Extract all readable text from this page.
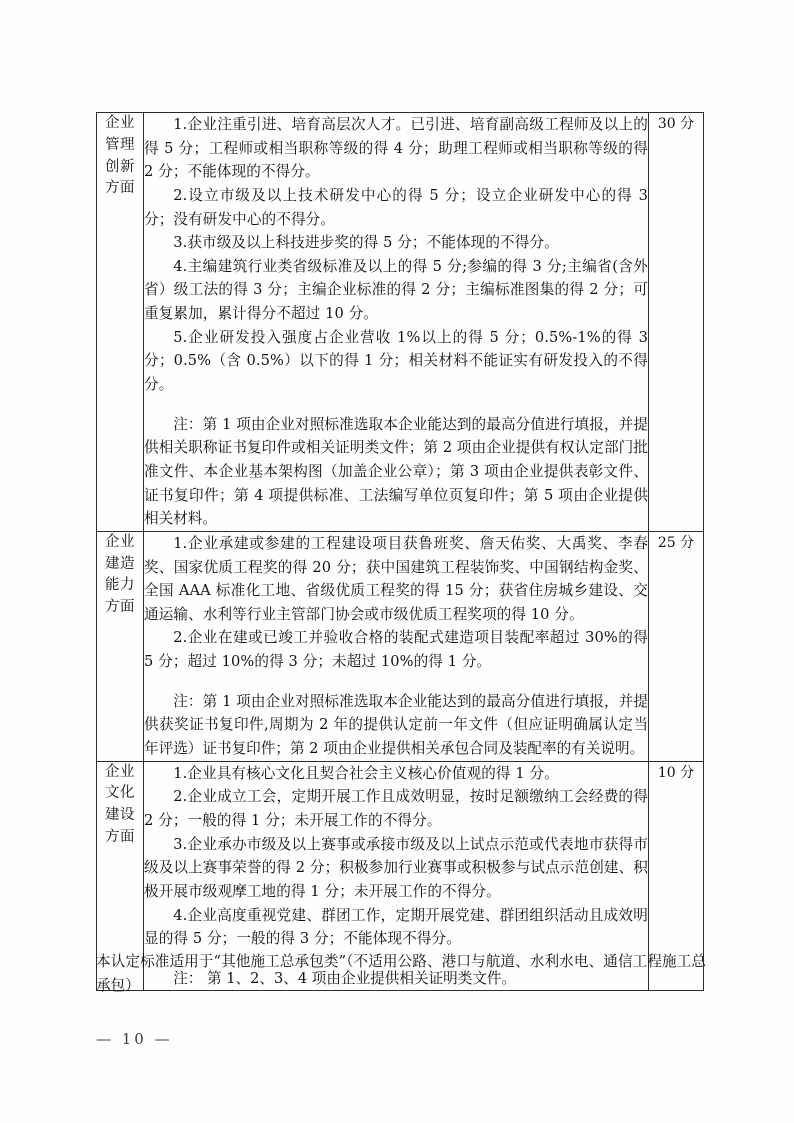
企业
管理
创新
方面

1.企业注重引进、培育高层次人才。已引进、培育副高级工程师及以上的得 5 分；工程师或相当职称等级的得 4 分；助理工程师或相当职称等级的得 2 分；不能体现的不得分。

2.设立市级及以上技术研发中心的得 5 分；设立企业研发中心的得 3 分；没有研发中心的不得分。

3.获市级及以上科技进步奖的得 5 分；不能体现的不得分。

4.主编建筑行业类省级标准及以上的得 5 分;参编的得 3 分;主编省(含外省）级工法的得 3 分；主编企业标准的得 2 分；主编标准图集的得 2 分；可重复累加，累计得分不超过 10 分。

5.企业研发投入强度占企业营收 1%以上的得 5 分；0.5%-1%的得 3 分；0.5%（含 0.5%）以下的得 1 分；相关材料不能证实有研发投入的不得分。

注：第 1 项由企业对照标准选取本企业能达到的最高分值进行填报，并提供相关职称证书复印件或相关证明类文件；第 2 项由企业提供有权认定部门批准文件、本企业基本架构图（加盖企业公章）；第 3 项由企业提供表彰文件、证书复印件；第 4 项提供标准、工法编写单位页复印件；第 5 项由企业提供相关材料。

	30 分

企业
建造
能力
方面

1.企业承建或参建的工程建设项目获鲁班奖、詹天佑奖、大禹奖、李春奖、国家优质工程奖的得 20 分；获中国建筑工程装饰奖、中国钢结构金奖、全国 AAA 标准化工地、省级优质工程奖的得 15 分；获省住房城乡建设、交通运输、水利等行业主管部门协会或市级优质工程奖项的得 10 分。

2.企业在建或已竣工并验收合格的装配式建造项目装配率超过 30%的得 5 分；超过 10%的得 3 分；未超过 10%的得 1 分。

注：第 1 项由企业对照标准选取本企业能达到的最高分值进行填报，并提供获奖证书复印件,周期为 2 年的提供认定前一年文件（但应证明确属认定当年评选）证书复印件；第 2 项由企业提供相关承包合同及装配率的有关说明。

	25 分

企业
文化
建设
方面

1.企业具有核心文化且契合社会主义核心价值观的得 1 分。

2.企业成立工会，定期开展工作且成效明显，按时足额缴纳工会经费的得 2 分；一般的得 1 分；未开展工作的不得分。

3.企业承办市级及以上赛事或承接市级及以上试点示范或代表地市获得市级及以上赛事荣誉的得 2 分；积极参加行业赛事或积极参与试点示范创建、积极开展市级观摩工地的得 1 分；未开展工作的不得分。

4.企业高度重视党建、群团工作，定期开展党建、群团组织活动且成效明显的得 5 分；一般的得 3 分；不能体现不得分。

注： 第 1、2、3、4 项由企业提供相关证明类文件。

	10 分
本认定标准适用于“其他施工总承包类”（不适用公路、港口与航道、水利水电、通信工程施工总承包）
— 10 —
